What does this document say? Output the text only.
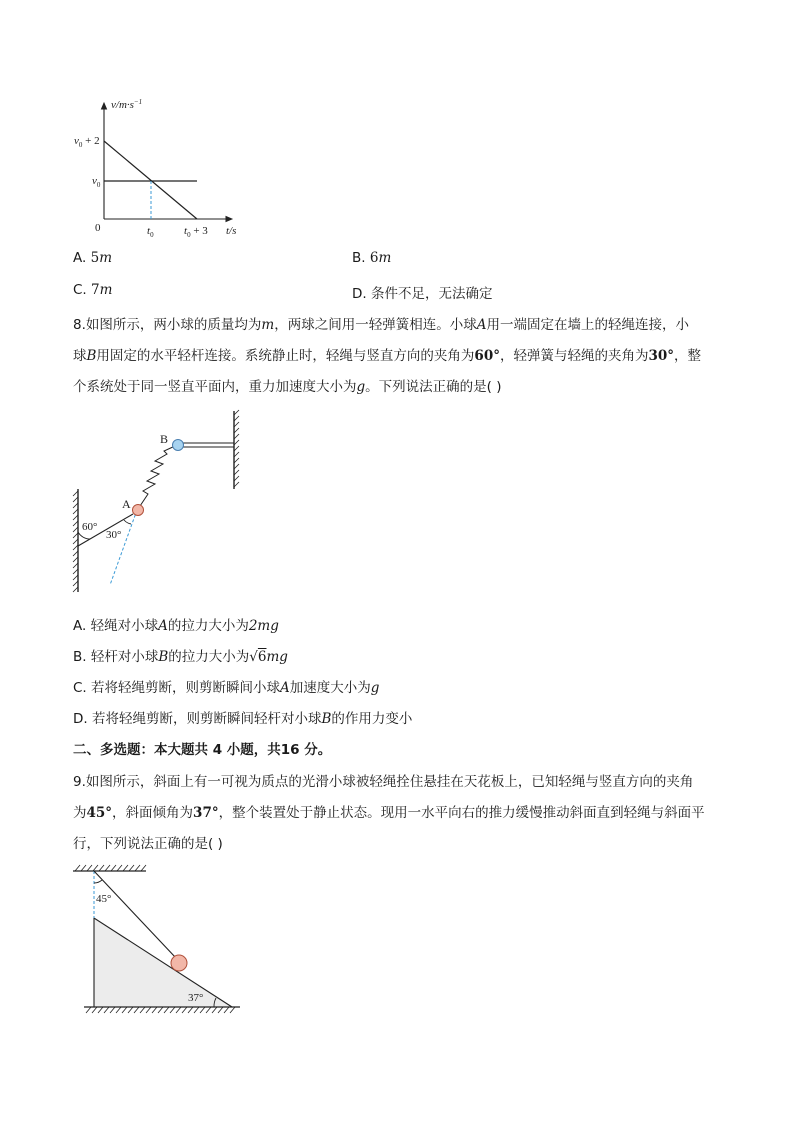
$v/m\cdot s^{-1}$
t/s
$v_0 + 2$
$v_0$
0	$t_0$	$t_0 + 3$
A. 5m	B. 6m
C. 7m	D. 条件不足，无法确定
8.如图所示，两小球的质量均为m，两球之间用一轻弹簧相连。小球A用一端固定在墙上的轻绳连接，小
球B用固定的水平轻杆连接。系统静止时，轻绳与竖直方向的夹角为60°，轻弹簧与轻绳的夹角为30°，整
个系统处于同一竖直平面内，重力加速度大小为g。下列说法正确的是( )
B
A
60°
30°
A. 轻绳对小球A的拉力大小为2mg
B. 轻杆对小球B的拉力大小为√6mg
C. 若将轻绳剪断，则剪断瞬间小球A加速度大小为g
D. 若将轻绳剪断，则剪断瞬间轻杆对小球B的作用力变小
二、多选题：本大题共 4 小题，共16 分。
9.如图所示，斜面上有一可视为质点的光滑小球被轻绳拴住悬挂在天花板上，已知轻绳与竖直方向的夹角
为45°，斜面倾角为37°，整个装置处于静止状态。现用一水平向右的推力缓慢推动斜面直到轻绳与斜面平
行，下列说法正确的是( )
45°
37°
